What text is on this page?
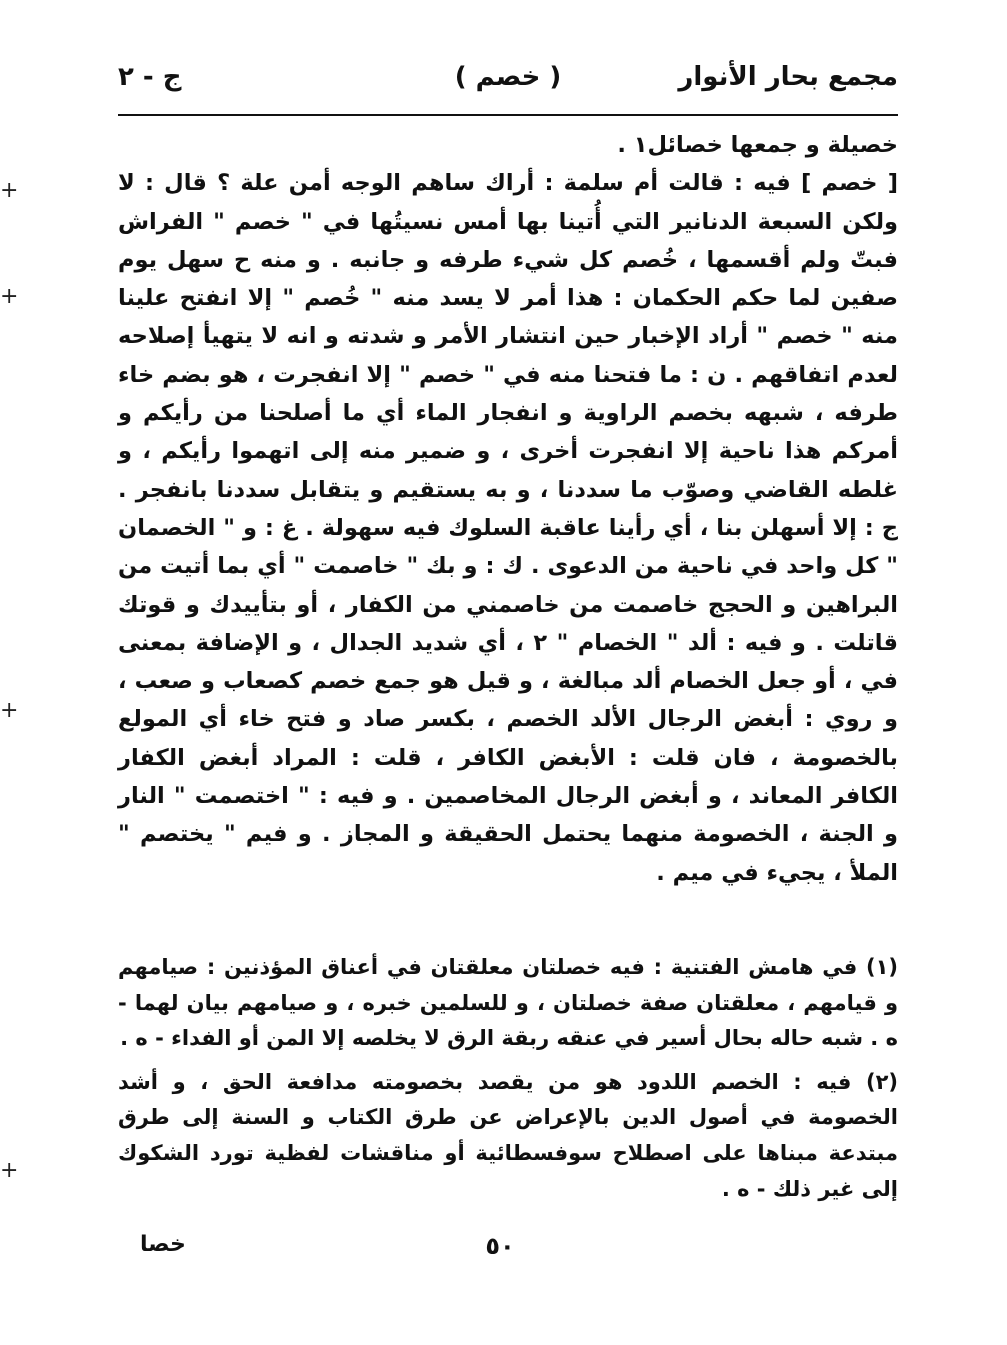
مجمع بحار الأنوار
( خصم )
ج - ٢

خصيلة و جمعها خصائل١ .

[ خصم ] فيه : قالت أم سلمة : أراك ساهم الوجه أمن علة ؟ قال : لا ولكن السبعة الدنانير التي أُتينا بها أمس نسيتُها في " خصم " الفراش فبتّ ولم أقسمها ، خُصم كل شيء طرفه و جانبه . و منه ح سهل يوم صفين لما حكم الحكمان : هذا أمر لا يسد منه " خُصم " إلا انفتح علينا منه " خصم " أراد الإخبار حين انتشار الأمر و شدته و انه لا يتهيأ إصلاحه لعدم اتفاقهم . ن : ما فتحنا منه في " خصم " إلا انفجرت ، هو بضم خاء طرفه ، شبهه بخصم الراوية و انفجار الماء أي ما أصلحنا من رأيكم و أمركم هذا ناحية إلا انفجرت أخرى ، و ضمير منه إلى اتهموا رأيكم ، و غلطه القاضي وصوّب ما سددنا ، و به يستقيم و يتقابل سددنا بانفجر . ج : إلا أسهلن بنا ، أي رأينا عاقبة السلوك فيه سهولة . غ : و " الخصمان " كل واحد في ناحية من الدعوى . ك : و بك " خاصمت " أي بما أتيت من البراهين و الحجج خاصمت من خاصمني من الكفار ، أو بتأييدك و قوتك قاتلت . و فيه : ألد " الخصام " ٢ ، أي شديد الجدال ، و الإضافة بمعنى في ، أو جعل الخصام ألد مبالغة ، و قيل هو جمع خصم كصعاب و صعب ، و روي : أبغض الرجال الألد الخصم ، بكسر صاد و فتح خاء أي المولع بالخصومة ، فان قلت : الأبغض الكافر ، قلت : المراد أبغض الكفار الكافر المعاند ، و أبغض الرجال المخاصمين . و فيه : " اختصمت " النار و الجنة ، الخصومة منهما يحتمل الحقيقة و المجاز . و فيم " يختصم " الملأ ، يجيء في ميم .

(١) في هامش الفتنية : فيه خصلتان معلقتان في أعناق المؤذنين : صيامهم و قيامهم ، معلقتان صفة خصلتان ، و للسلمين خبره ، و صيامهم بيان لهما - ه . شبه حاله بحال أسير في عنقه ربقة الرق لا يخلصه إلا المن أو الفداء - ه .

(٢) فيه : الخصم اللدود هو من يقصد بخصومته مدافعة الحق ، و أشد الخصومة في أصول الدين بالإعراض عن طرق الكتاب و السنة إلى طرق مبتدعة مبناها على اصطلاح سوفسطائية أو مناقشات لفظية تورد الشكوك إلى غير ذلك - ه .

٥٠
خصا
+
+
+
+
